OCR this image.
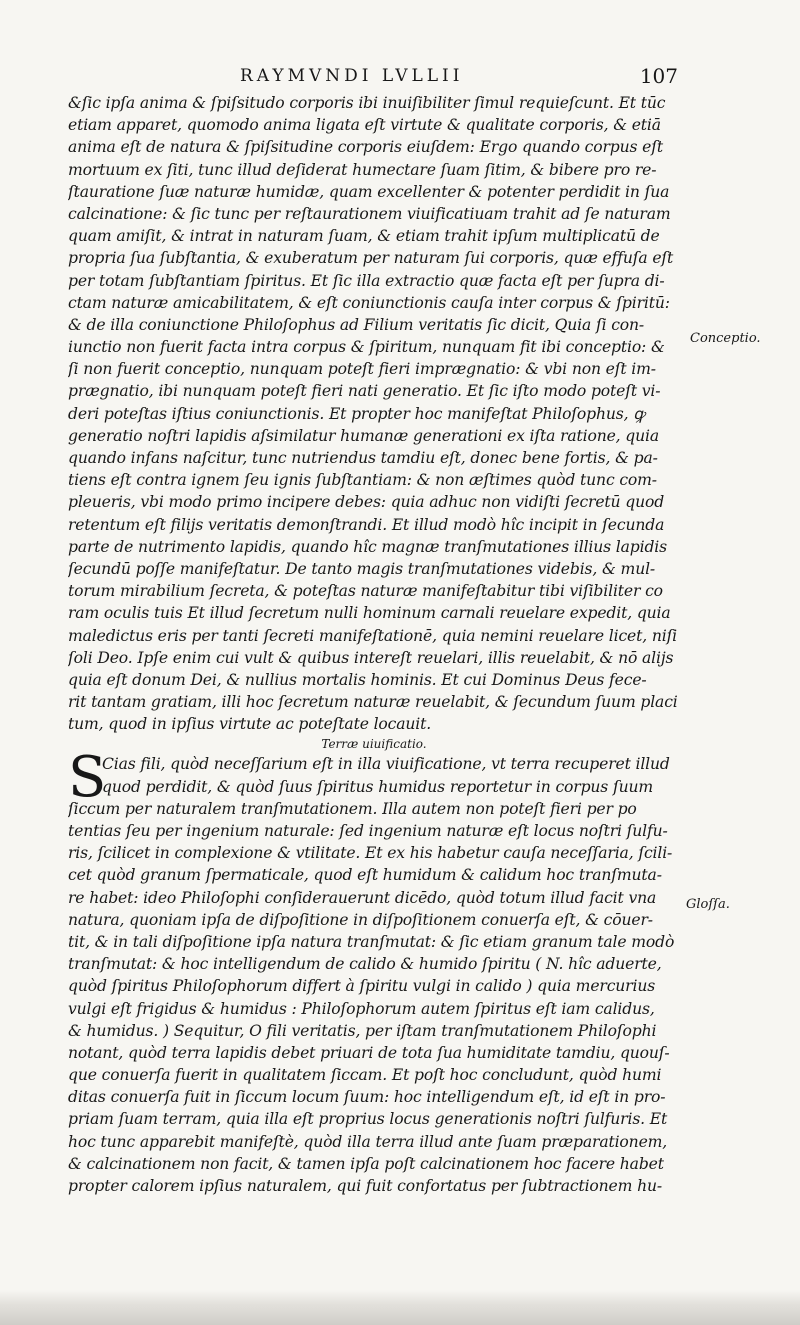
RAYMVNDI LVLLII	107
&ſic ipſa anima & ſpiſsitudo corporis ibi inuiſibiliter ſimul requieſcunt. Et tūc
etiam apparet, quomodo anima ligata eſt virtute & qualitate corporis, & etiā
anima eſt de natura & ſpiſsitudine corporis eiuſdem: Ergo quando corpus eſt
mortuum ex ſiti, tunc illud deſiderat humectare ſuam ſitim, & bibere pro re-
ſtauratione ſuæ naturæ humidæ, quam excellenter & potenter perdidit in ſua
calcinatione: & ſic tunc per reſtaurationem viuificatiuam trahit ad ſe naturam
quam amiſit, & intrat in naturam ſuam, & etiam trahit ipſum multiplicatū de
propria ſua ſubſtantia, & exuberatum per naturam ſui corporis, quæ effuſa eſt
per totam ſubſtantiam ſpiritus. Et ſic illa extractio quæ facta eſt per ſupra di-
ctam naturæ amicabilitatem, & eſt coniunctionis cauſa inter corpus & ſpiritū:
& de illa coniunctione Philoſophus ad Filium veritatis ſic dicit, Quia ſi con-
iunctio non fuerit facta intra corpus & ſpiritum, nunquam fit ibi conceptio: &
ſi non fuerit conceptio, nunquam poteſt fieri imprægnatio: & vbi non eſt im-
prægnatio, ibi nunquam poteſt fieri nati generatio. Et ſic iſto modo poteſt vi-
deri poteſtas iſtius coniunctionis. Et propter hoc manifeſtat Philoſophus, ꝙ
generatio noſtri lapidis aſsimilatur humanæ generationi ex iſta ratione, quia
quando infans naſcitur, tunc nutriendus tamdiu eſt, donec bene fortis, & pa-
tiens eſt contra ignem ſeu ignis ſubſtantiam: & non æſtimes quòd tunc com-
pleueris, vbi modo primo incipere debes: quia adhuc non vidiſti ſecretū quod
retentum eſt filijs veritatis demonſtrandi. Et illud modò hîc incipit in ſecunda
parte de nutrimento lapidis, quando hîc magnæ tranſmutationes illius lapidis
ſecundū poſſe manifeſtatur. De tanto magis tranſmutationes videbis, & mul-
torum mirabilium ſecreta, & poteſtas naturæ manifeſtabitur tibi viſibiliter co
ram oculis tuis Et illud ſecretum nulli hominum carnali reuelare expedit, quia
maledictus eris per tanti ſecreti manifeſtationē, quia nemini reuelare licet, niſi
ſoli Deo. Ipſe enim cui vult & quibus intereſt reuelari, illis reuelabit, & nō alijs
quia eſt donum Dei, & nullius mortalis hominis. Et cui Dominus Deus fece-
rit tantam gratiam, illi hoc ſecretum naturæ reuelabit, & ſecundum ſuum placi
tum, quod in ipſius virtute ac poteſtate locauit.
Terræ uiuificatio.
S
Cias fili, quòd neceſſarium eſt in illa viuificatione, vt terra recuperet illud
quod perdidit, & quòd ſuus ſpiritus humidus reportetur in corpus ſuum
ſiccum per naturalem tranſmutationem. Illa autem non poteſt fieri per po
tentias ſeu per ingenium naturale: ſed ingenium naturæ eſt locus noſtri ſulfu-
ris, ſcilicet in complexione & vtilitate. Et ex his habetur cauſa neceſſaria, ſcili-
cet quòd granum ſpermaticale, quod eſt humidum & calidum hoc tranſmuta-
re habet: ideo Philoſophi conſiderauerunt dicēdo, quòd totum illud facit vna
natura, quoniam ipſa de diſpoſitione in diſpoſitionem conuerſa eſt, & cōuer-
tit, & in tali diſpoſitione ipſa natura tranſmutat: & ſic etiam granum tale modò
tranſmutat: & hoc intelligendum de calido & humido ſpiritu ( N. hîc aduerte,
quòd ſpiritus Philoſophorum differt à ſpiritu vulgi in calido ) quia mercurius
vulgi eſt frigidus & humidus : Philoſophorum autem ſpiritus eſt iam calidus,
& humidus. ) Sequitur, O fili veritatis, per iſtam tranſmutationem Philoſophi
notant, quòd terra lapidis debet priuari de tota ſua humiditate tamdiu, quouſ-
que conuerſa fuerit in qualitatem ſiccam. Et poſt hoc concludunt, quòd humi
ditas conuerſa fuit in ſiccum locum ſuum: hoc intelligendum eſt, id eſt in pro-
priam ſuam terram, quia illa eſt proprius locus generationis noſtri ſulfuris. Et
hoc tunc apparebit manifeſtè, quòd illa terra illud ante ſuam præparationem,
& calcinationem non facit, & tamen ipſa poſt calcinationem hoc facere habet
propter calorem ipſius naturalem, qui fuit confortatus per ſubtractionem hu-
Conceptio.
Gloſſa.
